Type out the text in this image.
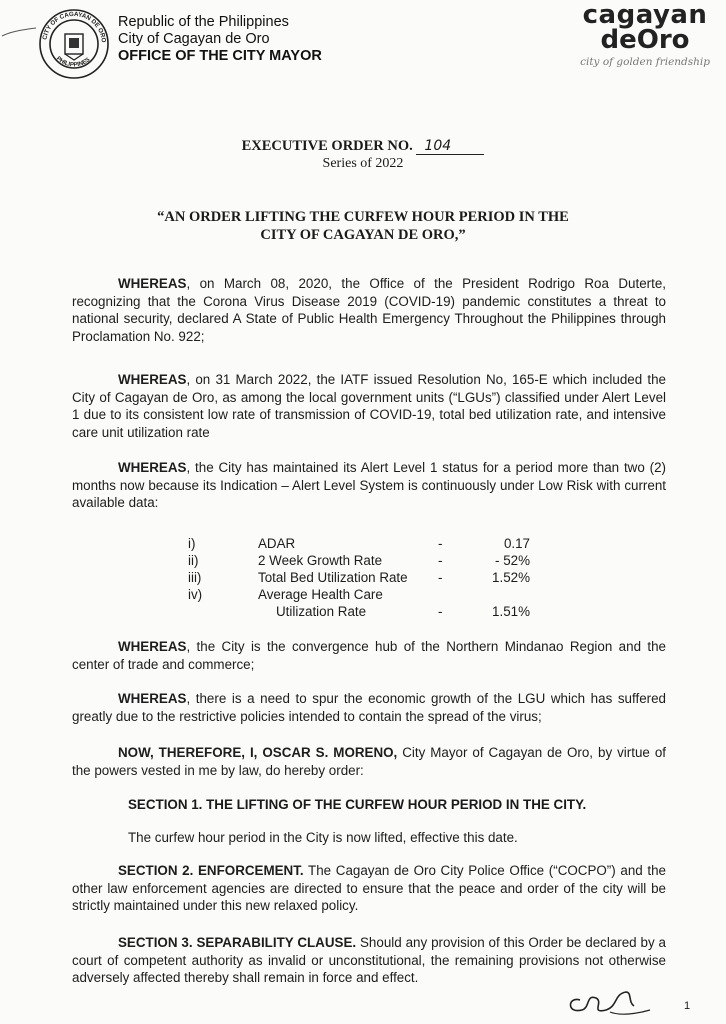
CITY OF CAGAYAN DE ORO
PHILIPPINES
Republic of the Philippines
City of Cagayan de Oro
OFFICE OF THE CITY MAYOR
cagayan
deOro
city of golden friendship
EXECUTIVE ORDER NO. 104
Series of 2022
“AN ORDER LIFTING THE CURFEW HOUR PERIOD IN THE
CITY OF CAGAYAN DE ORO,”
WHEREAS, on March 08, 2020, the Office of the President Rodrigo Roa Duterte, recognizing that the Corona Virus Disease 2019 (COVID-19) pandemic constitutes a threat to national security, declared A State of Public Health Emergency Throughout the Philippines through Proclamation No. 922;
WHEREAS, on 31 March 2022, the IATF issued Resolution No, 165-E which included the City of Cagayan de Oro, as among the local government units (“LGUs”) classified under Alert Level 1 due to its consistent low rate of transmission of COVID-19, total bed utilization rate, and intensive care unit utilization rate
WHEREAS, the City has maintained its Alert Level 1 status for a period more than two (2) months now because its Indication – Alert Level System is continuously under Low Risk with current available data:
i)	ADAR	-	0.17
ii)	2 Week Growth Rate	-	- 52%
iii)	Total Bed Utilization Rate -	1.52%
iv)	Average Health Care
Utilization Rate	-	1.51%
WHEREAS, the City is the convergence hub of the Northern Mindanao Region and the center of trade and commerce;
WHEREAS, there is a need to spur the economic growth of the LGU which has suffered greatly due to the restrictive policies intended to contain the spread of the virus;
NOW, THEREFORE, I, OSCAR S. MORENO, City Mayor of Cagayan de Oro, by virtue of the powers vested in me by law, do hereby order:
SECTION 1. THE LIFTING OF THE CURFEW HOUR PERIOD IN THE CITY.
The curfew hour period in the City is now lifted, effective this date.
SECTION 2. ENFORCEMENT. The Cagayan de Oro City Police Office (“COCPO”) and the other law enforcement agencies are directed to ensure that the peace and order of the city will be strictly maintained under this new relaxed policy.
SECTION 3. SEPARABILITY CLAUSE. Should any provision of this Order be declared by a court of competent authority as invalid or unconstitutional, the remaining provisions not otherwise adversely affected thereby shall remain in force and effect.
1
